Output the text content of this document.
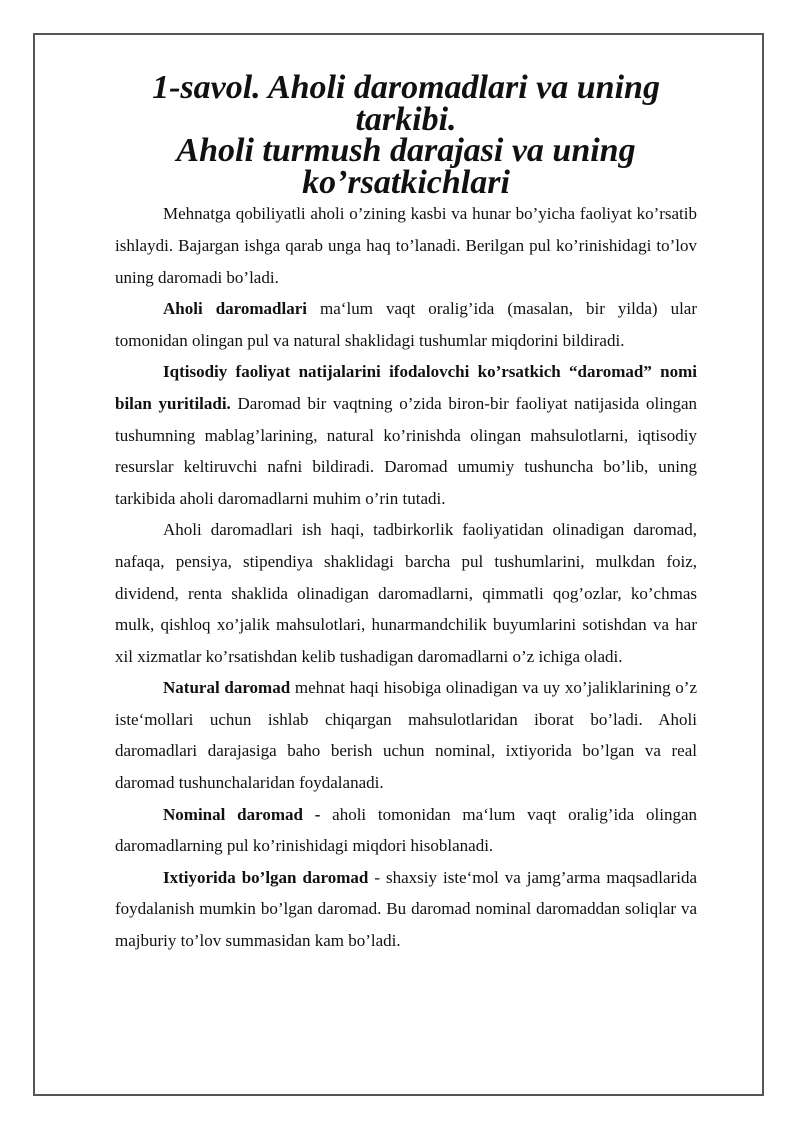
1-savol. Aholi daromadlari va uning tarkibi.
Aholi turmush darajasi va uning ko’rsatkichlari

Mehnatga qobiliyatli aholi o’zining kasbi va hunar bo’yicha faoliyat ko’rsatib ishlaydi. Bajargan ishga qarab unga haq to’lanadi. Berilgan pul ko’rinishidagi to’lov uning daromadi bo’ladi.

Aholi daromadlari maʻlum vaqt oralig’ida (masalan, bir yilda) ular tomonidan olingan pul va natural shaklidagi tushumlar miqdorini bildiradi.

Iqtisodiy faoliyat natijalarini ifodalovchi ko’rsatkich “daromad” nomi bilan yuritiladi. Daromad bir vaqtning o’zida biron-bir faoliyat natijasida olingan tushumning mablag’larining, natural ko’rinishda olingan mahsulotlarni, iqtisodiy resurslar keltiruvchi nafni bildiradi. Daromad umumiy tushuncha bo’lib, uning tarkibida aholi daromadlarni muhim o’rin tutadi.

Aholi daromadlari ish haqi, tadbirkorlik faoliyatidan olinadigan daromad, nafaqa, pensiya, stipendiya shaklidagi barcha pul tushumlarini, mulkdan foiz, dividend, renta shaklida olinadigan daromadlarni, qimmatli qog’ozlar, ko’chmas mulk, qishloq xo’jalik mahsulotlari, hunarmandchilik buyumlarini sotishdan va har xil xizmatlar ko’rsatishdan kelib tushadigan daromadlarni o’z ichiga oladi.

Natural daromad mehnat haqi hisobiga olinadigan va uy xo’jaliklarining o’z isteʻmollari uchun ishlab chiqargan mahsulotlaridan iborat bo’ladi. Aholi daromadlari darajasiga baho berish uchun nominal, ixtiyorida bo’lgan va real daromad tushunchalaridan foydalanadi.

Nominal daromad - aholi tomonidan maʻlum vaqt oralig’ida olingan daromadlarning pul ko’rinishidagi miqdori hisoblanadi.

Ixtiyorida bo’lgan daromad - shaxsiy isteʻmol va jamg’arma maqsadlarida foydalanish mumkin bo’lgan daromad. Bu daromad nominal daromaddan soliqlar va majburiy to’lov summasidan kam bo’ladi.
